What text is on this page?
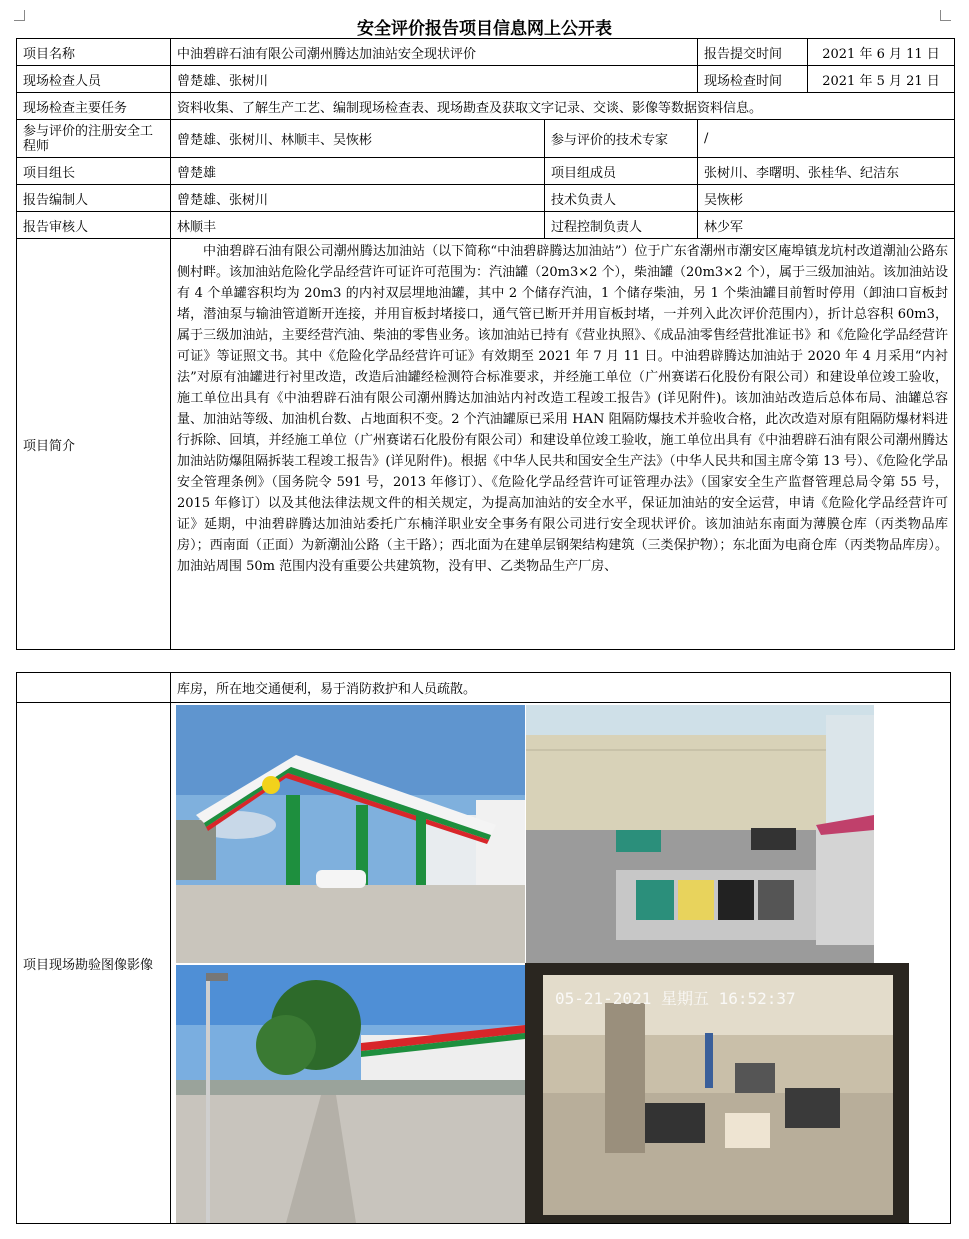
安全评价报告项目信息网上公开表
项目名称	中油碧辟石油有限公司潮州腾达加油站安全现状评价		报告提交时间	2021 年 6 月 11 日
现场检查人员	曾楚雄、张树川		现场检查时间	2021 年 5 月 21 日
现场检查主要任务	资料收集、了解生产工艺、编制现场检查表、现场勘查及获取文字记录、交谈、影像等数据资料信息。			
参与评价的注册安全工程师	曾楚雄、张树川、林顺丰、吴恢彬	参与评价的技术专家	/	
项目组长	曾楚雄	项目组成员	张树川、李曙明、张桂华、纪洁东	
报告编制人	曾楚雄、张树川	技术负责人	吴恢彬	
报告审核人	林顺丰	过程控制负责人	林少军	
项目简介	中油碧辟石油有限公司潮州腾达加油站（以下简称“中油碧辟腾达加油站”）位于广东省潮州市潮安区庵埠镇龙坑村改道潮汕公路东侧村畔。该加油站危险化学品经营许可证许可范围为：汽油罐（20m3×2 个），柴油罐（20m3×2 个），属于三级加油站。该加油站设有 4 个单罐容积均为 20m3 的内衬双层埋地油罐，其中 2 个储存汽油，1 个储存柴油，另 1 个柴油罐目前暂时停用（卸油口盲板封堵，潜油泵与输油管道断开连接，并用盲板封堵接口，通气管已断开并用盲板封堵，一并列入此次评价范围内），折计总容积 60m3，属于三级加油站，主要经营汽油、柴油的零售业务。该加油站已持有《营业执照》、《成品油零售经营批准证书》和《危险化学品经营许可证》等证照文书。其中《危险化学品经营许可证》有效期至 2021 年 7 月 11 日。中油碧辟腾达加油站于 2020 年 4 月采用“内衬法”对原有油罐进行衬里改造，改造后油罐经检测符合标准要求，并经施工单位（广州赛诺石化股份有限公司）和建设单位竣工验收，施工单位出具有《中油碧辟石油有限公司潮州腾达加油站内衬改造工程竣工报告》(详见附件)。该加油站改造后总体布局、油罐总容量、加油站等级、加油机台数、占地面积不变。2 个汽油罐原已采用 HAN 阻隔防爆技术并验收合格，此次改造对原有阻隔防爆材料进行拆除、回填，并经施工单位（广州赛诺石化股份有限公司）和建设单位竣工验收，施工单位出具有《中油碧辟石油有限公司潮州腾达加油站防爆阻隔拆装工程竣工报告》(详见附件)。根据《中华人民共和国安全生产法》（中华人民共和国主席令第 13 号）、《危险化学品安全管理条例》（国务院令 591 号，2013 年修订）、《危险化学品经营许可证管理办法》（国家安全生产监督管理总局令第 55 号，2015 年修订）以及其他法律法规文件的相关规定，为提高加油站的安全水平，保证加油站的安全运营，申请《危险化学品经营许可证》延期，中油碧辟腾达加油站委托广东楠洋职业安全事务有限公司进行安全现状评价。该加油站东南面为薄膜仓库（丙类物品库房）；西南面（正面）为新潮汕公路（主干路）；西北面为在建单层钢架结构建筑（三类保护物）；东北面为电商仓库（丙类物品库房）。加油站周围 50m 范围内没有重要公共建筑物，没有甲、乙类物品生产厂房、			

	库房，所在地交通便利，易于消防救护和人员疏散。
项目现场勘验图像影像	05-21-2021 星期五 16:52:37
